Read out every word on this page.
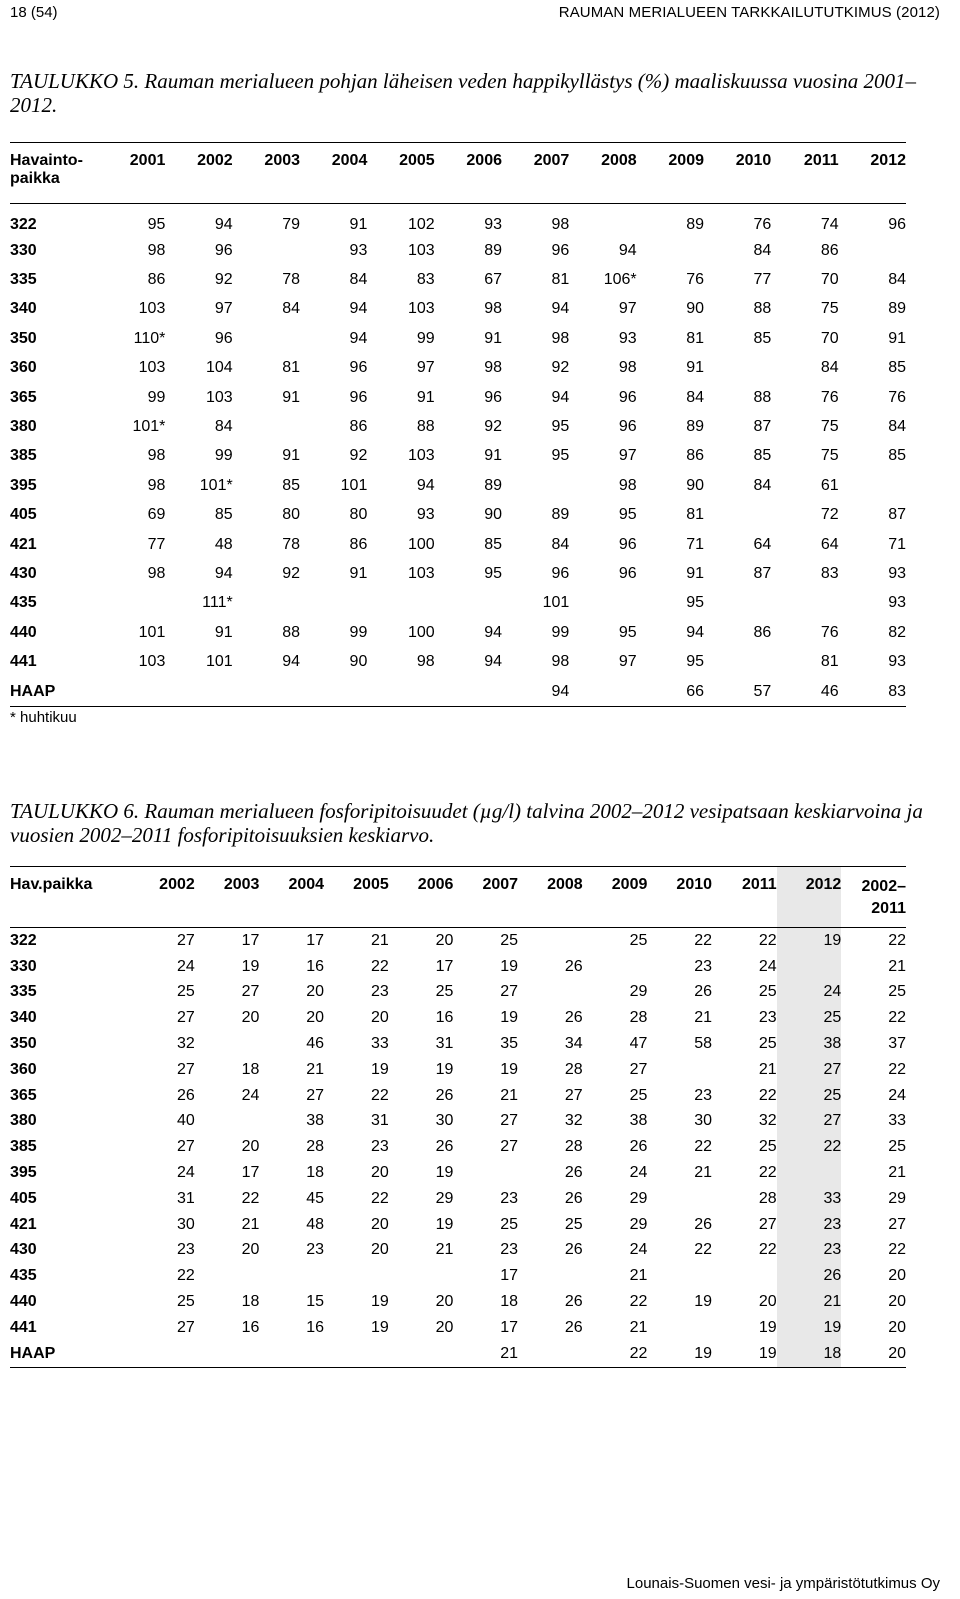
18 (54)	RAUMAN MERIALUEEN TARKKAILUTUTKIMUS (2012)
TAULUKKO 5. Rauman merialueen pohjan läheisen veden happikyllästys (%) maaliskuussa vuosina 2001–2012.
Havainto-
paikka	2001	2002	2003	2004	2005	2006	2007	2008	2009	2010	2011	2012
322	95	94	79	91	102	93	98		89	76	74	96
330	98	96		93	103	89	96	94		84	86	
335	86	92	78	84	83	67	81	106*	76	77	70	84
340	103	97	84	94	103	98	94	97	90	88	75	89
350	110*	96		94	99	91	98	93	81	85	70	91
360	103	104	81	96	97	98	92	98	91		84	85
365	99	103	91	96	91	96	94	96	84	88	76	76
380	101*	84		86	88	92	95	96	89	87	75	84
385	98	99	91	92	103	91	95	97	86	85	75	85
395	98	101*	85	101	94	89		98	90	84	61	
405	69	85	80	80	93	90	89	95	81		72	87
421	77	48	78	86	100	85	84	96	71	64	64	71
430	98	94	92	91	103	95	96	96	91	87	83	93
435		111*					101		95			93
440	101	91	88	99	100	94	99	95	94	86	76	82
441	103	101	94	90	98	94	98	97	95		81	93
HAAP							94		66	57	46	83
* huhtikuu
TAULUKKO 6. Rauman merialueen fosforipitoisuudet (µg/l) talvina 2002–2012 vesipatsaan keskiarvoina ja vuosien 2002–2011 fosforipitoisuuksien keskiarvo.
Hav.paikka	2002	2003	2004	2005	2006	2007	2008	2009	2010	2011	2012	2002–
2011
322	27	17	17	21	20	25		25	22	22	19	22
330	24	19	16	22	17	19	26		23	24		21
335	25	27	20	23	25	27		29	26	25	24	25
340	27	20	20	20	16	19	26	28	21	23	25	22
350	32		46	33	31	35	34	47	58	25	38	37
360	27	18	21	19	19	19	28	27		21	27	22
365	26	24	27	22	26	21	27	25	23	22	25	24
380	40		38	31	30	27	32	38	30	32	27	33
385	27	20	28	23	26	27	28	26	22	25	22	25
395	24	17	18	20	19		26	24	21	22		21
405	31	22	45	22	29	23	26	29		28	33	29
421	30	21	48	20	19	25	25	29	26	27	23	27
430	23	20	23	20	21	23	26	24	22	22	23	22
435	22					17		21			26	20
440	25	18	15	19	20	18	26	22	19	20	21	20
441	27	16	16	19	20	17	26	21		19	19	20
HAAP						21		22	19	19	18	20
Lounais-Suomen vesi- ja ympäristötutkimus Oy
